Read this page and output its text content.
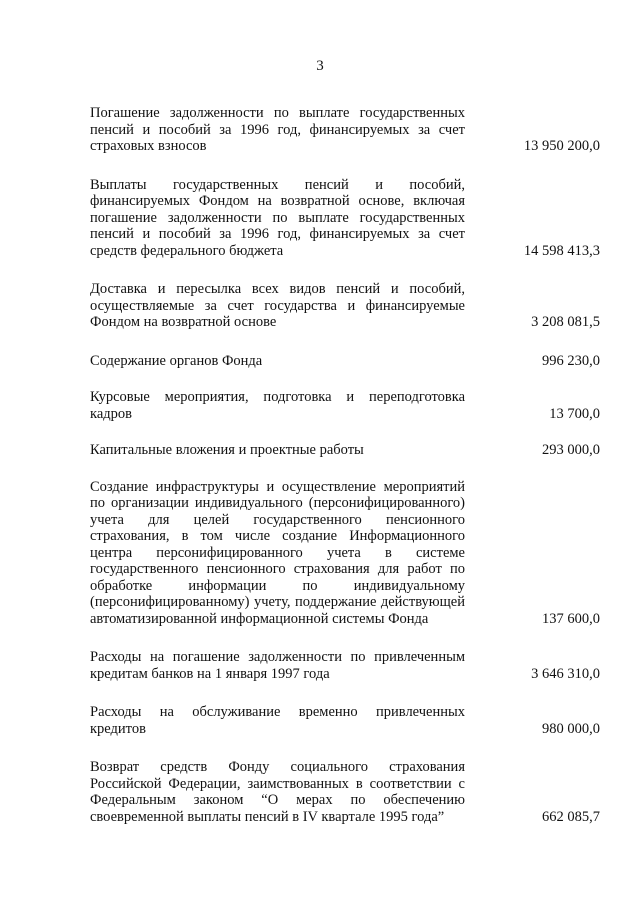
3
Погашение задолженности по выплате государственных пенсий и пособий за 1996 год, финансируемых за счет страховых взносов	13 950 200,0
Выплаты государственных пенсий и пособий, финансируемых Фондом на возвратной основе, включая погашение задолженности по выплате государственных пенсий и пособий за 1996 год, финансируемых за счет средств федерального бюджета	14 598 413,3
Доставка и пересылка всех видов пенсий и пособий, осуществляемые за счет государства и финансируемые Фондом на возвратной основе	3 208 081,5
Содержание органов Фонда	996 230,0
Курсовые мероприятия, подготовка и переподготовка кадров	13 700,0
Капитальные вложения и проектные работы	293 000,0
Создание инфраструктуры и осуществление мероприятий по организации индивидуального (персонифицированного) учета для целей государственного пенсионного страхования, в том числе создание Информационного центра персонифицированного учета в системе государственного пенсионного страхования для работ по обработке информации по индивидуальному (персонифицированному) учету, поддержание действующей автоматизированной информационной системы Фонда	137 600,0
Расходы на погашение задолженности по привлеченным кредитам банков на 1 января 1997 года	3 646 310,0
Расходы на обслуживание временно привлеченных кредитов	980 000,0
Возврат средств Фонду социального страхования Российской Федерации, заимствованных в соответствии с Федеральным законом “О мерах по обеспечению своевременной выплаты пенсий в IV квартале 1995 года”	662 085,7
